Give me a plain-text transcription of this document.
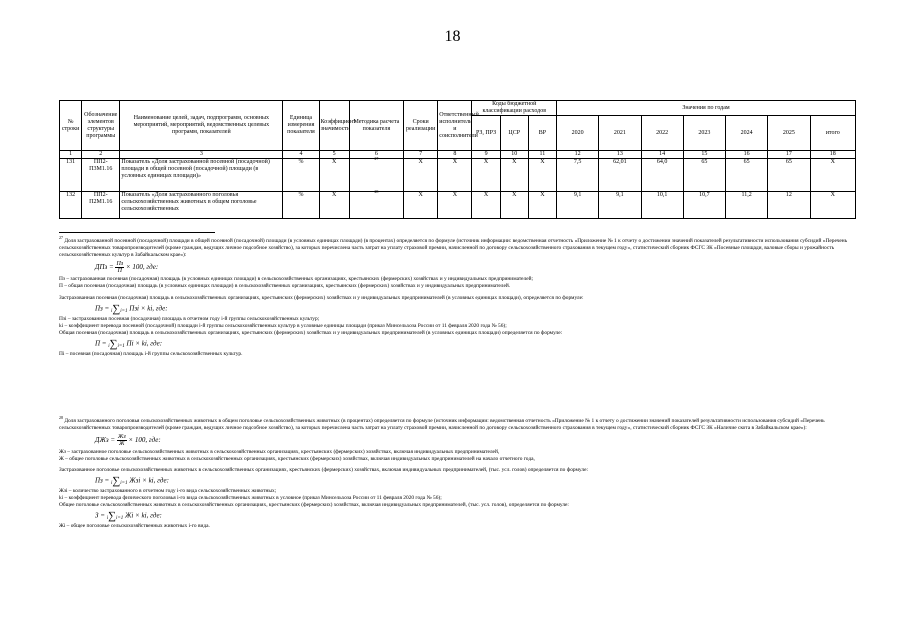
18
№ строки	Обозначение элементов структуры программы	Наименование целей, задач, подпрограмм, основных мероприятий, мероприятий, ведомственных целевых программ, показателей	Единица измерения показателя	Коэффициент значимости	Методика расчета показателя	Сроки реализации	Ответственный исполнитель и соисполнители	Коды бюджетной классификации расходов			Значения по годам						
								РЗ, ПРЗ	ЦСР	ВР	2020	2021	2022	2023	2024	2025	итого
1	2	3	4	5	6	7	8	9	10	11	12	13	14	15	16	17	18
131	ПП2-П3М1.16	Показатель «Доля застрахованной посевной (посадочной) площади в общей посевной (посадочной) площади (в условных единицах площади)»	%	X	$^{27}$	X	X	X	X	X	7,5	62,01	64,0	65	65	65	X
132	ПП2-П2М1.16	Показатель «Доля застрахованного поголовья сельскохозяйственных животных в общем поголовье сельскохозяйственных	%	X	$^{28}$	X	X	X	X	X	9,1	9,1	10,1	10,7	11,2	12	X

$^{27}$ Доля застрахованной посевной (посадочной) площади в общей посевной (посадочной) площади (в условных единицах площади) (в процентах) определяется по формуле (источник информации: ведомственная отчетность «Приложение № 1 к отчету о достижении значений показателей результативности использования субсидий «Перечень сельскохозяйственных товаропроизводителей (кроме граждан, ведущих личное подсобное хозяйство), за которых перечислена часть затрат на уплату страховой премии, начисленной по договору сельскохозяйственного страхования в текущем году», статистический сборник ФСГС ЗК «Посевные площади, валовые сборы и урожайность сельскохозяйственных культур в Забайкальском крае»):

ДПз = $\frac{Пз}{П} \times 100$, где:

Пз – застрахованная посевная (посадочная) площадь (в условных единицах площади) в сельскохозяйственных организациях, крестьянских (фермерских) хозяйствах и у индивидуальных предпринимателей;

П – общая посевная (посадочная) площадь (в условных единицах площади) в сельскохозяйственных организациях, крестьянских (фермерских) хозяйствах и у индивидуальных предпринимателей.

Застрахованная посевная (посадочная) площадь в сельскохозяйственных организациях, крестьянских (фермерских) хозяйствах и у индивидуальных предпринимателей (в условных единицах площади), определяется по формуле:

Пз = i∑i=1 Пзi × ki, где:

Пзi – застрахованная посевная (посадочная) площадь в отчетном году i-й группы сельскохозяйственных культур;

ki – коэффициент перевода посевной (посадочной) площади i-й группы сельскохозяйственных культур в условные единицы площади (приказ Минсельхоза России от 11 февраля 2020 года № 56);

Общая посевная (посадочная) площадь в сельскохозяйственных организациях, крестьянских (фермерских) хозяйствах и у индивидуальных предпринимателей (в условных единицах площади) определяется по формуле:

П = i∑i=1 Пi × ki, где:

Пi – посевная (посадочная) площадь i-й группы сельскохозяйственных культур.

$^{28}$ Доля застрахованного поголовья сельскохозяйственных животных в общем поголовье сельскохозяйственных животных (в процентах) определяется по формуле (источник информации: ведомственная отчетность «Приложение № 1 к отчету о достижении значений показателей результативности использования субсидий «Перечень сельскохозяйственных товаропроизводителей (кроме граждан, ведущих личное подсобное хозяйство), за которых перечислена часть затрат на уплату страховой премии, начисленной по договору сельскохозяйственного страхования в текущем году», статистический сборник ФСГС ЗК «Наличие скота в Забайкальском крае»):

ДЖз = $\frac{Жз}{Ж} \times 100$, где:

Жз – застрахованное поголовье сельскохозяйственных животных в сельскохозяйственных организациях, крестьянских (фермерских) хозяйствах, включая индивидуальных предпринимателей,

Ж – общее поголовье сельскохозяйственных животных в сельскохозяйственных организациях, крестьянских (фермерских) хозяйствах, включая индивидуальных предпринимателей на начало отчетного года,

Застрахованное поголовье сельскохозяйственных животных в сельскохозяйственных организациях, крестьянских (фермерских) хозяйствах, включая индивидуальных предпринимателей, (тыс. усл. голов) определяется по формуле:

Пз = i∑i=1 Жзi × ki, где:

Жзi – количество застрахованного в отчетном году i-го вида сельскохозяйственных животных;

ki – коэффициент перевода физического поголовья i-го вида сельскохозяйственных животных в условное (приказ Минсельхоза России от 11 февраля 2020 года № 56);

Общее поголовье сельскохозяйственных животных в сельскохозяйственных организациях, крестьянских (фермерских) хозяйствах, включая индивидуальных предпринимателей, (тыс. усл. голов), определяется по формуле:

З = i∑i=1 Жi × ki, где:

Жi – общее поголовье сельскохозяйственных животных i-го вида.
